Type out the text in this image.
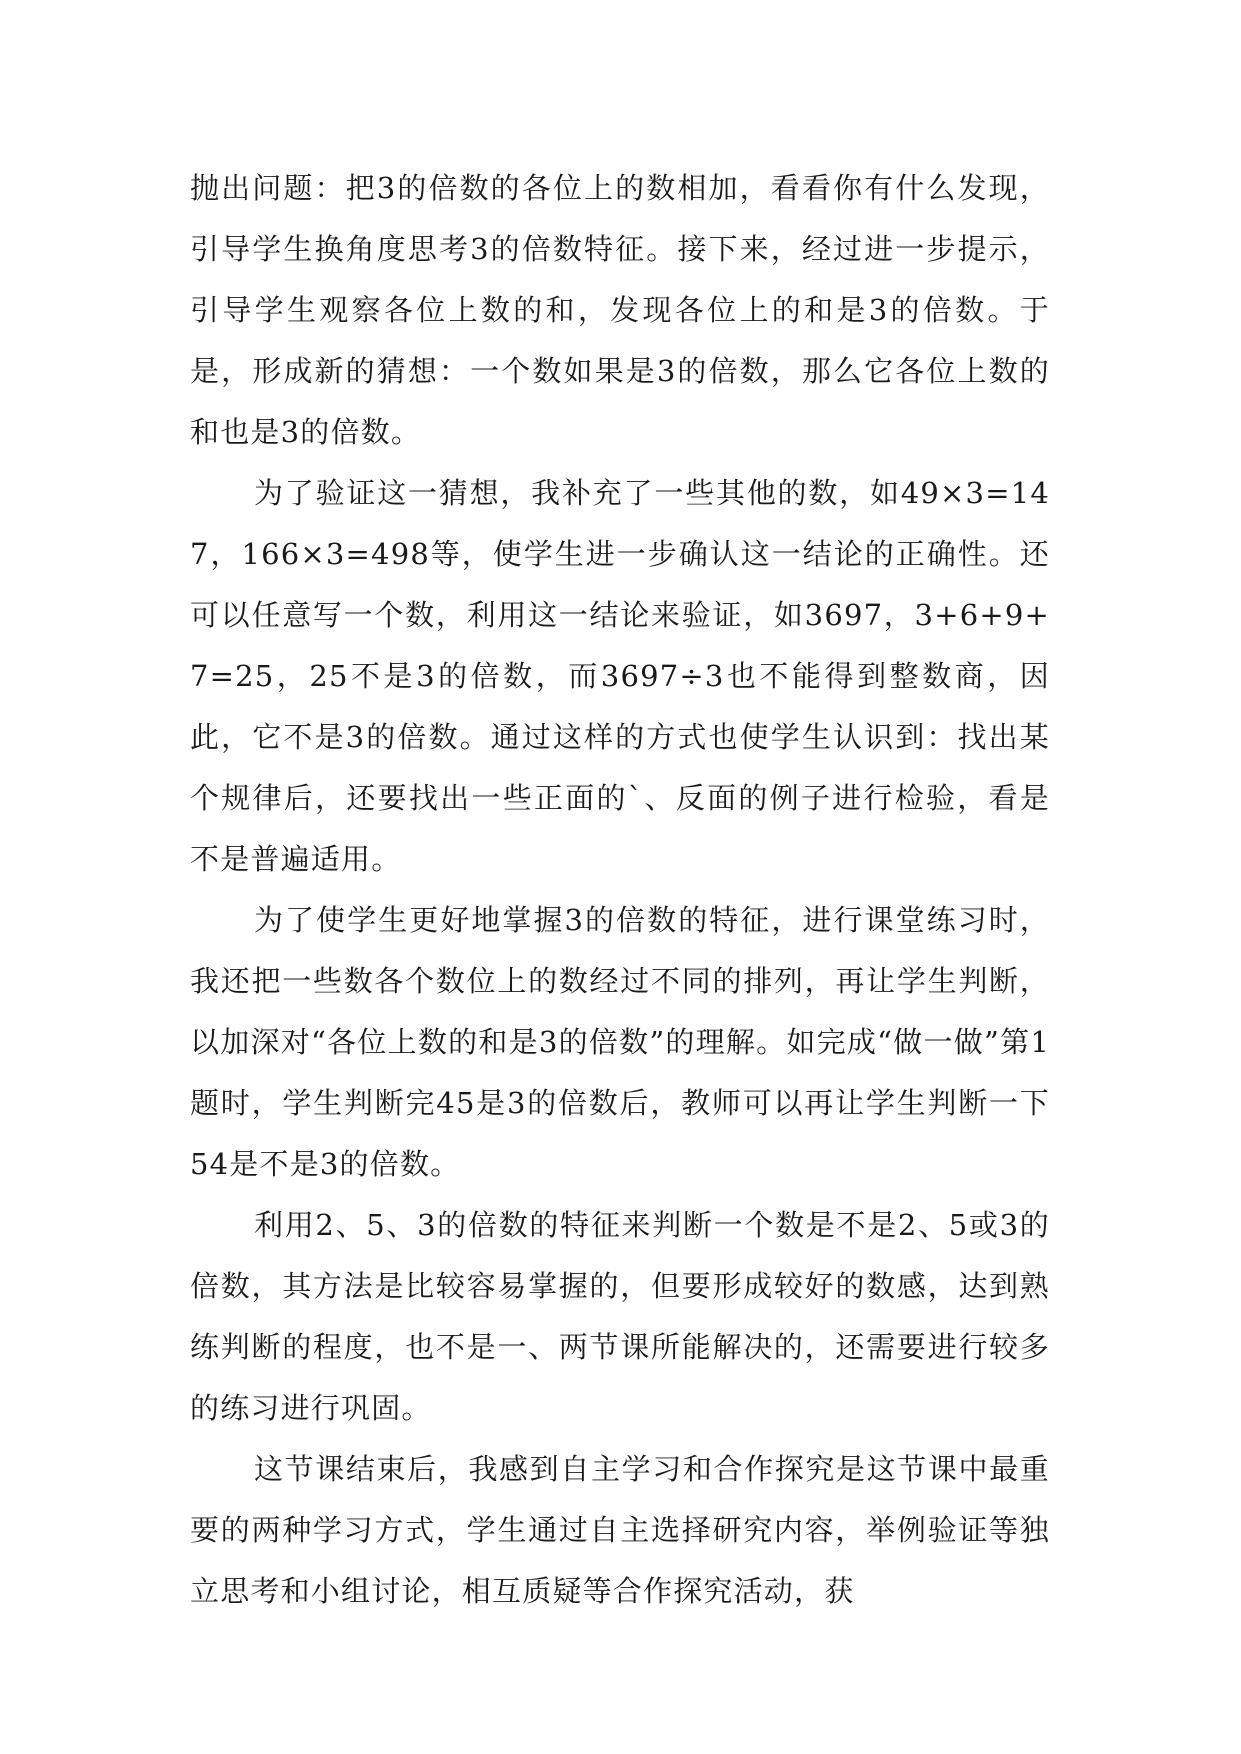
抛出问题：把3的倍数的各位上的数相加，看看你有什么发现，引导学生换角度思考3的倍数特征。接下来，经过进一步提示，引导学生观察各位上数的和，发现各位上的和是3的倍数。于是，形成新的猜想：一个数如果是3的倍数，那么它各位上数的和也是3的倍数。

为了验证这一猜想，我补充了一些其他的数，如49×3=147，166×3=498等，使学生进一步确认这一结论的正确性。还可以任意写一个数，利用这一结论来验证，如3697，3+6+9+7=25，25不是3的倍数，而3697÷3也不能得到整数商，因此，它不是3的倍数。通过这样的方式也使学生认识到：找出某个规律后，还要找出一些正面的`、反面的例子进行检验，看是不是普遍适用。

为了使学生更好地掌握3的倍数的特征，进行课堂练习时，我还把一些数各个数位上的数经过不同的排列，再让学生判断，以加深对“各位上数的和是3的倍数”的理解。如完成“做一做”第1题时，学生判断完45是3的倍数后，教师可以再让学生判断一下54是不是3的倍数。

利用2、5、3的倍数的特征来判断一个数是不是2、5或3的倍数，其方法是比较容易掌握的，但要形成较好的数感，达到熟练判断的程度，也不是一、两节课所能解决的，还需要进行较多的练习进行巩固。

这节课结束后，我感到自主学习和合作探究是这节课中最重要的两种学习方式，学生通过自主选择研究内容，举例验证等独立思考和小组讨论，相互质疑等合作探究活动，获
